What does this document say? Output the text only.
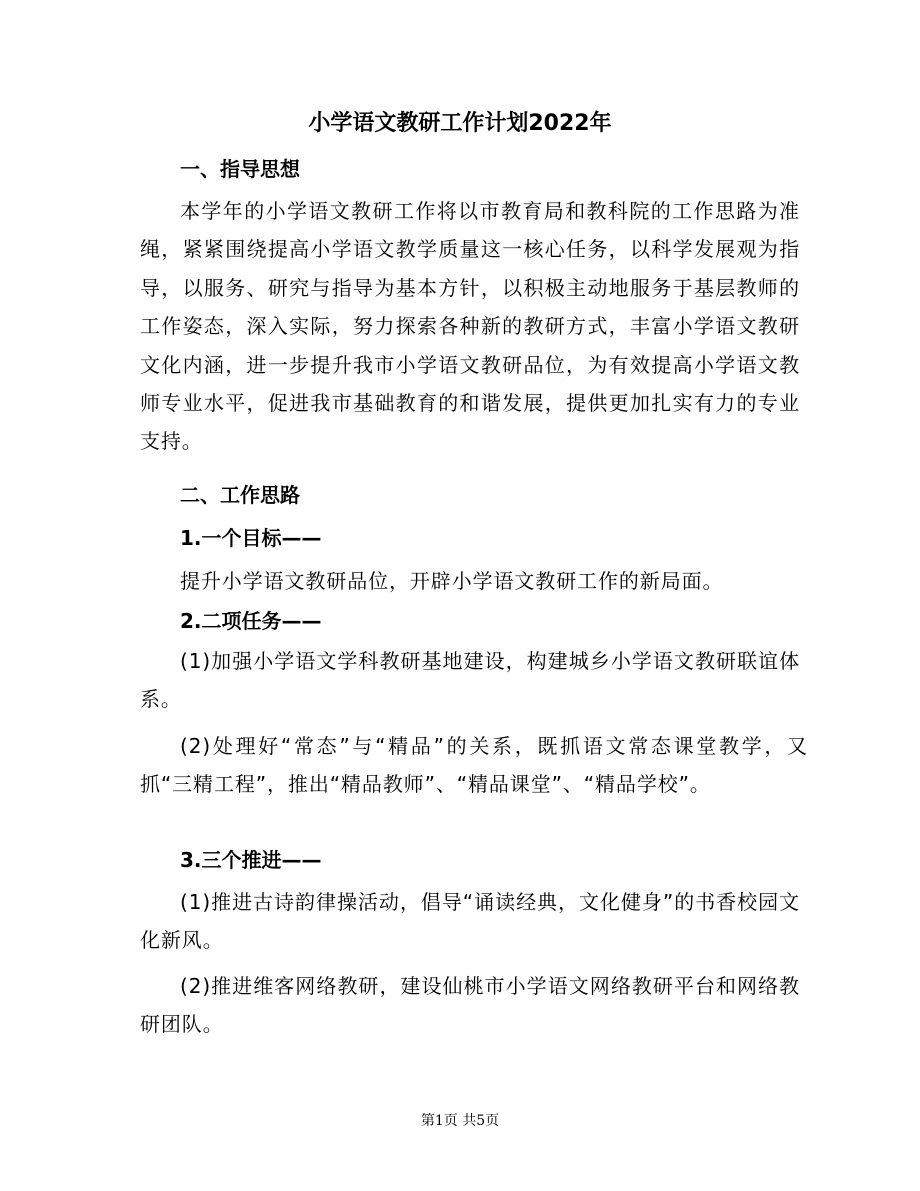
小学语文教研工作计划2022年
一、指导思想
本学年的小学语文教研工作将以市教育局和教科院的工作思路为准绳，紧紧围绕提高小学语文教学质量这一核心任务，以科学发展观为指导，以服务、研究与指导为基本方针，以积极主动地服务于基层教师的工作姿态，深入实际，努力探索各种新的教研方式，丰富小学语文教研文化内涵，进一步提升我市小学语文教研品位，为有效提高小学语文教师专业水平，促进我市基础教育的和谐发展，提供更加扎实有力的专业支持。
二、工作思路
1.一个目标——
提升小学语文教研品位，开辟小学语文教研工作的新局面。
2.二项任务——
(1)加强小学语文学科教研基地建设，构建城乡小学语文教研联谊体系。
(2)处理好“常态”与“精品”的关系，既抓语文常态课堂教学，又抓“三精工程”，推出“精品教师”、“精品课堂”、“精品学校”。
3.三个推进——
(1)推进古诗韵律操活动，倡导“诵读经典，文化健身”的书香校园文化新风。
(2)推进维客网络教研，建设仙桃市小学语文网络教研平台和网络教研团队。
第1页 共5页
